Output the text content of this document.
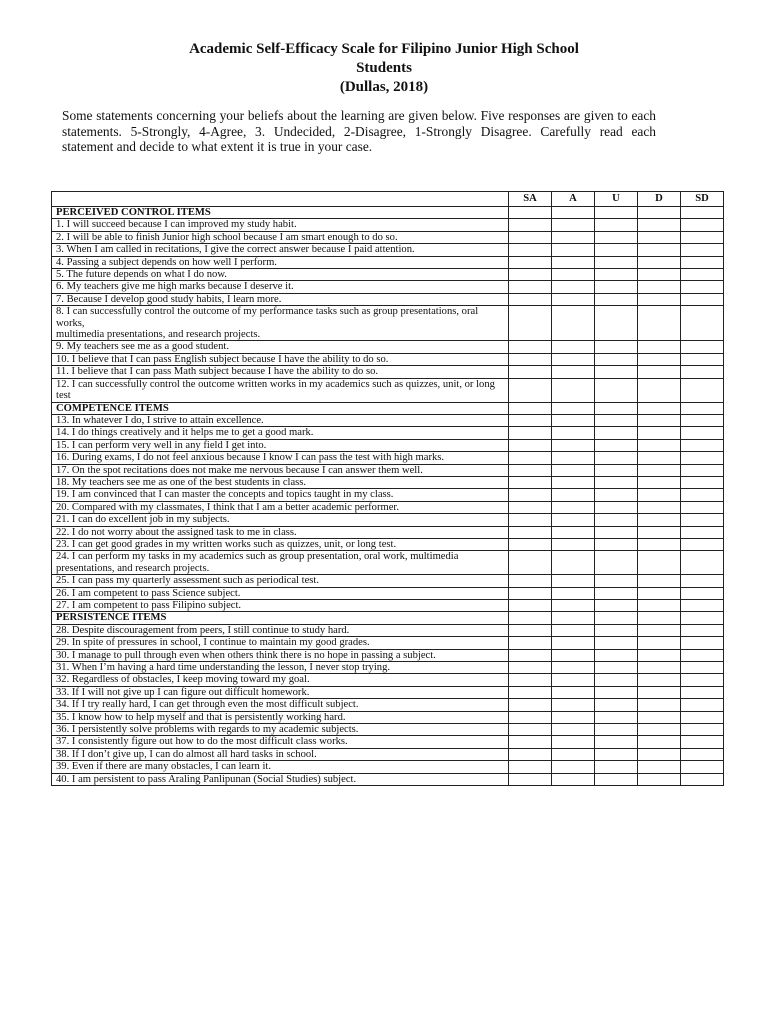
Academic Self-Efficacy Scale for Filipino Junior High School
Students
(Dullas, 2018)
Some statements concerning your beliefs about the learning are given below. Five responses are given to each statements. 5-Strongly, 4-Agree, 3. Undecided, 2-Disagree, 1-Strongly Disagree. Carefully read each statement and decide to what extent it is true in your case.
	SA	A	U	D	SD
PERCEIVED CONTROL ITEMS					
1. I will succeed because I can improved my study habit.					
2. I will be able to finish Junior high school because I am smart enough to do so.					
3. When I am called in recitations, I give the correct answer because I paid attention.					
4. Passing a subject depends on how well I perform.					
5. The future depends on what I do now.					
6. My teachers give me high marks because I deserve it.					
7. Because I develop good study habits, I learn more.					
8. I can successfully control the outcome of my performance tasks such as group presentations, oral works,
multimedia presentations, and research projects.					
9. My teachers see me as a good student.					
10. I believe that I can pass English subject because I have the ability to do so.					
11. I believe that I can pass Math subject because I have the ability to do so.					
12. I can successfully control the outcome written works in my academics such as quizzes, unit, or long test					
COMPETENCE ITEMS					
13. In whatever I do, I strive to attain excellence.					
14. I do things creatively and it helps me to get a good mark.					
15. I can perform very well in any field I get into.					
16. During exams, I do not feel anxious because I know I can pass the test with high marks.					
17. On the spot recitations does not make me nervous because I can answer them well.					
18. My teachers see me as one of the best students in class.					
19. I am convinced that I can master the concepts and topics taught in my class.					
20. Compared with my classmates, I think that I am a better academic performer.					
21. I can do excellent job in my subjects.					
22. I do not worry about the assigned task to me in class.					
23. I can get good grades in my written works such as quizzes, unit, or long test.					
24. I can perform my tasks in my academics such as group presentation, oral work, multimedia presentations, and research projects.					
25. I can pass my quarterly assessment such as periodical test.					
26. I am competent to pass Science subject.					
27. I am competent to pass Filipino subject.					
PERSISTENCE ITEMS					
28. Despite discouragement from peers, I still continue to study hard.					
29. In spite of pressures in school, I continue to maintain my good grades.					
30. I manage to pull through even when others think there is no hope in passing a subject.					
31. When I’m having a hard time understanding the lesson, I never stop trying.					
32. Regardless of obstacles, I keep moving toward my goal.					
33. If I will not give up I can figure out difficult homework.					
34. If I try really hard, I can get through even the most difficult subject.					
35. I know how to help myself and that is persistently working hard.					
36. I persistently solve problems with regards to my academic subjects.					
37. I consistently figure out how to do the most difficult class works.					
38. If I don’t give up, I can do almost all hard tasks in school.					
39. Even if there are many obstacles, I can learn it.					
40. I am persistent to pass Araling Panlipunan (Social Studies) subject.					
